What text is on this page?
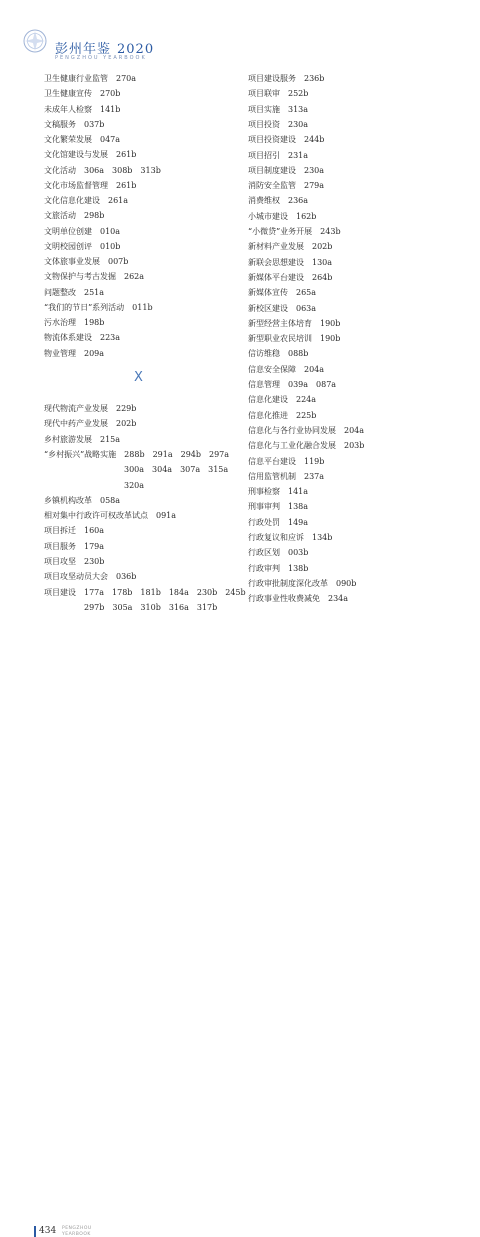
彭州年鉴 2020
PENGZHOU YEARBOOK
卫生健康行业监管　270a
卫生健康宣传　270b
未成年人检察　141b
文稿服务　037b
文化繁荣发展　047a
文化馆建设与发展　261b
文化活动　306a　308b　313b
文化市场监督管理　261b
文化信息化建设　261a
文旅活动　298b
文明单位创建　010a
文明校园创评　010b
文体旅事业发展　007b
文物保护与考古发掘　262a
问题整改　251a
“我们的节日”系列活动　011b
污水治理　198b
物流体系建设　223a
物业管理　209a
X
现代物流产业发展　229b
现代中药产业发展　202b
乡村旅游发展　215a
“乡村振兴”战略实施　288b　291a　294b　297a
　　　　　　　　　　300a　304a　307a　315a
　　　　　　　　　　320a
乡镇机构改革　058a
相对集中行政许可权改革试点　091a
项目拆迁　160a
项目服务　179a
项目攻坚　230b
项目攻坚动员大会　036b
项目建设　177a　178b　181b　184a　230b　245b
　　　　　297b　305a　310b　316a　317b
项目建设服务　236b
项目联审　252b
项目实施　313a
项目投资　230a
项目投资建设　244b
项目招引　231a
项目制度建设　230a
消防安全监管　279a
消费维权　236a
小城市建设　162b
“小微贷”业务开展　243b
新材料产业发展　202b
新联会思想建设　130a
新媒体平台建设　264b
新媒体宣传　265a
新校区建设　063a
新型经营主体培育　190b
新型职业农民培训　190b
信访维稳　088b
信息安全保障　204a
信息管理　039a　087a
信息化建设　224a
信息化推进　225b
信息化与各行业协同发展　204a
信息化与工业化融合发展　203b
信息平台建设　119b
信用监管机制　237a
刑事检察　141a
刑事审判　138a
行政处罚　149a
行政复议和应诉　134b
行政区划　003b
行政审判　138b
行政审批制度深化改革　090b
行政事业性收费减免　234a
434 PENGZHOU
YEARBOOK
